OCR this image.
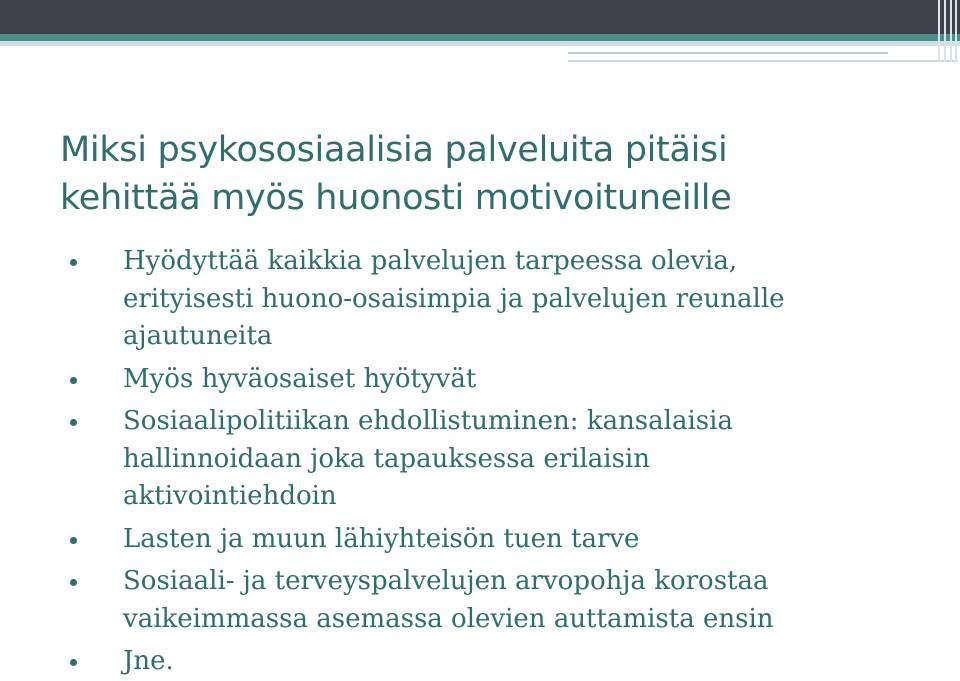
Miksi psykososiaalisia palveluita pitäisi
kehittää myös huonosti motivoituneille
Hyödyttää kaikkia palvelujen tarpeessa olevia,
erityisesti huono-osaisimpia ja palvelujen reunalle
ajautuneita
Myös hyväosaiset hyötyvät
Sosiaalipolitiikan ehdollistuminen: kansalaisia
hallinnoidaan joka tapauksessa erilaisin
aktivointiehdoin
Lasten ja muun lähiyhteisön tuen tarve
Sosiaali- ja terveyspalvelujen arvopohja korostaa
vaikeimmassa asemassa olevien auttamista ensin
Jne.
